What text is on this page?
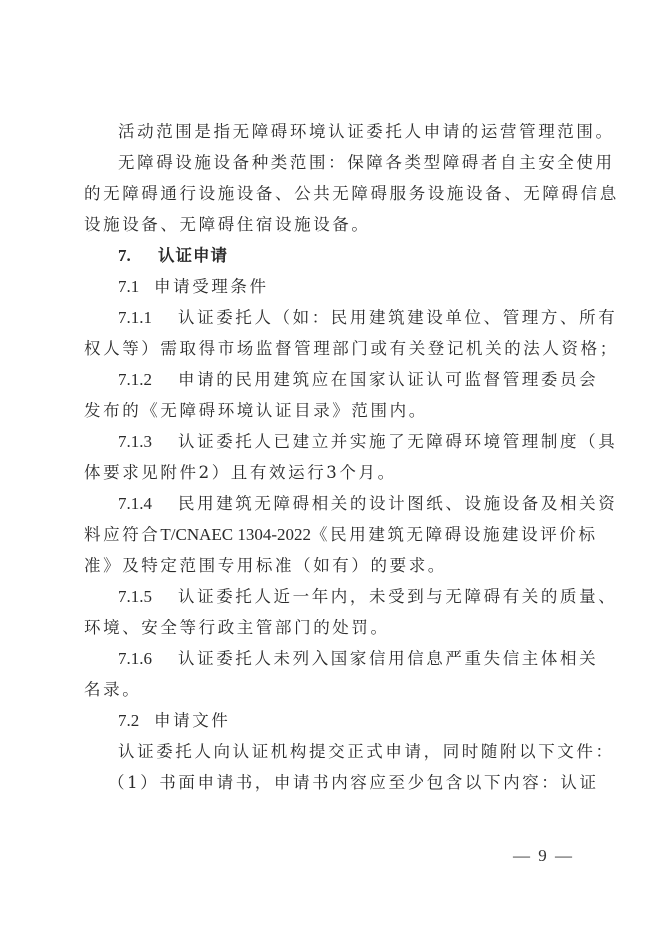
活动范围是指无障碍环境认证委托人申请的运营管理范围。
无障碍设施设备种类范围：保障各类型障碍者自主安全使用
的无障碍通行设施设备、公共无障碍服务设施设备、无障碍信息
设施设备、无障碍住宿设施设备。
7. 认证申请
7.1 申请受理条件
7.1.1 认证委托人（如：民用建筑建设单位、管理方、所有
权人等）需取得市场监督管理部门或有关登记机关的法人资格；
7.1.2 申请的民用建筑应在国家认证认可监督管理委员会
发布的《无障碍环境认证目录》范围内。
7.1.3 认证委托人已建立并实施了无障碍环境管理制度（具
体要求见附件2）且有效运行3个月。
7.1.4 民用建筑无障碍相关的设计图纸、设施设备及相关资
料应符合T/CNAEC 1304-2022《民用建筑无障碍设施建设评价标
准》及特定范围专用标准（如有）的要求。
7.1.5 认证委托人近一年内，未受到与无障碍有关的质量、
环境、安全等行政主管部门的处罚。
7.1.6 认证委托人未列入国家信用信息严重失信主体相关
名录。
7.2 申请文件
认证委托人向认证机构提交正式申请，同时随附以下文件：
（1）书面申请书，申请书内容应至少包含以下内容：认证
— 9 —
